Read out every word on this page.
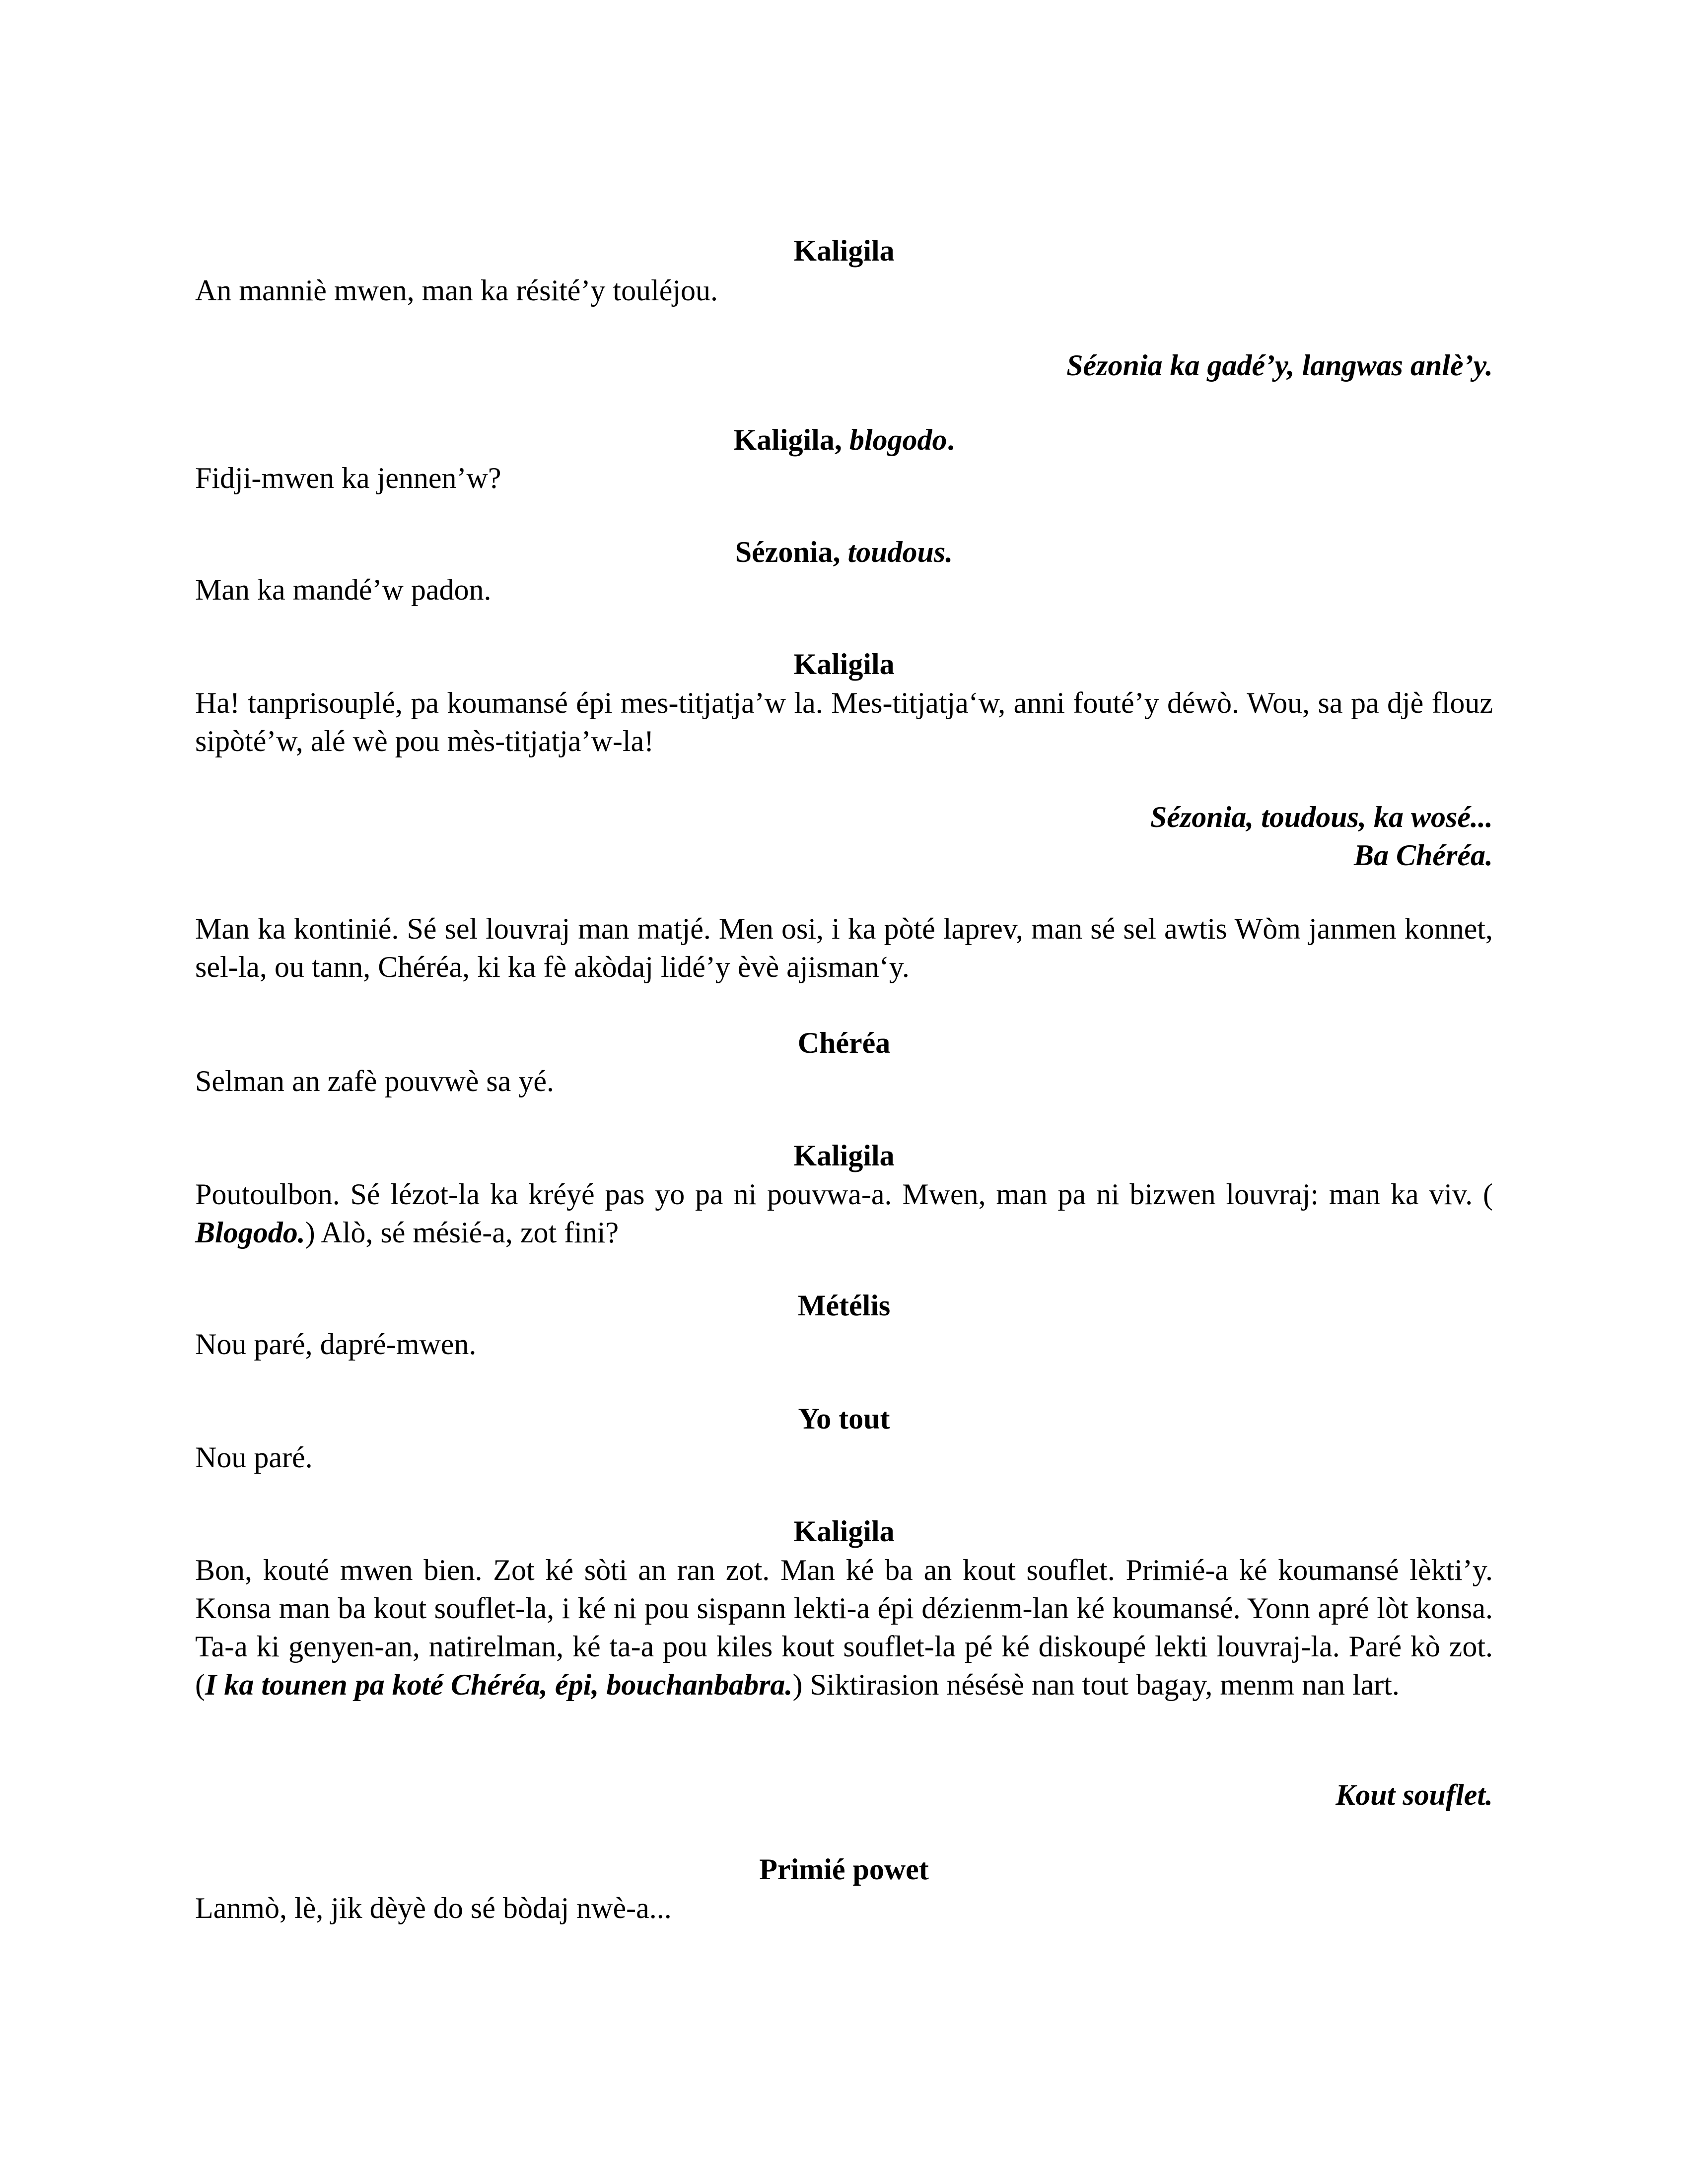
Kaligila
An manniè mwen, man ka résité’y touléjou.
Sézonia ka gadé’y, langwas anlè’y.
Kaligila, blogodo.
Fidji-mwen ka jennen’w?
Sézonia, toudous.
Man ka mandé’w padon.
Kaligila
Ha! tanprisouplé, pa koumansé épi mes-titjatja’w la. Mes-titjatja‘w, anni fouté’y déwò. Wou, sa pa djè flouz sipòté’w, alé wè pou mès-titjatja’w-la!
Sézonia, toudous, ka wosé...
Ba Chéréa.
Man ka kontinié. Sé sel louvraj man matjé. Men osi, i ka pòté laprev, man sé sel awtis Wòm janmen konnet, sel-la, ou tann, Chéréa, ki ka fè akòdaj lidé’y èvè ajisman‘y.
Chéréa
Selman an zafè pouvwè sa yé.
Kaligila
Poutoulbon. Sé lézot-la ka kréyé pas yo pa ni pouvwa-a. Mwen, man pa ni bizwen louvraj: man ka viv. ( Blogodo.) Alò, sé mésié-a, zot fini?
Métélis
Nou paré, dapré-mwen.
Yo tout
Nou paré.
Kaligila
Bon, kouté mwen bien. Zot ké sòti an ran zot. Man ké ba an kout souflet. Primié-a ké koumansé lèkti’y. Konsa man ba kout souflet-la, i ké ni pou sispann lekti-a épi dézienm-lan ké koumansé. Yonn apré lòt konsa. Ta-a ki genyen-an, natirelman, ké ta-a pou kiles kout souflet-la pé ké diskoupé lekti louvraj-la. Paré kò zot. (I ka tounen pa koté Chéréa, épi, bouchanbabra.) Siktirasion nésésè nan tout bagay, menm nan lart.
Kout souflet.
Primié powet
Lanmò, lè, jik dèyè do sé bòdaj nwè-a...
